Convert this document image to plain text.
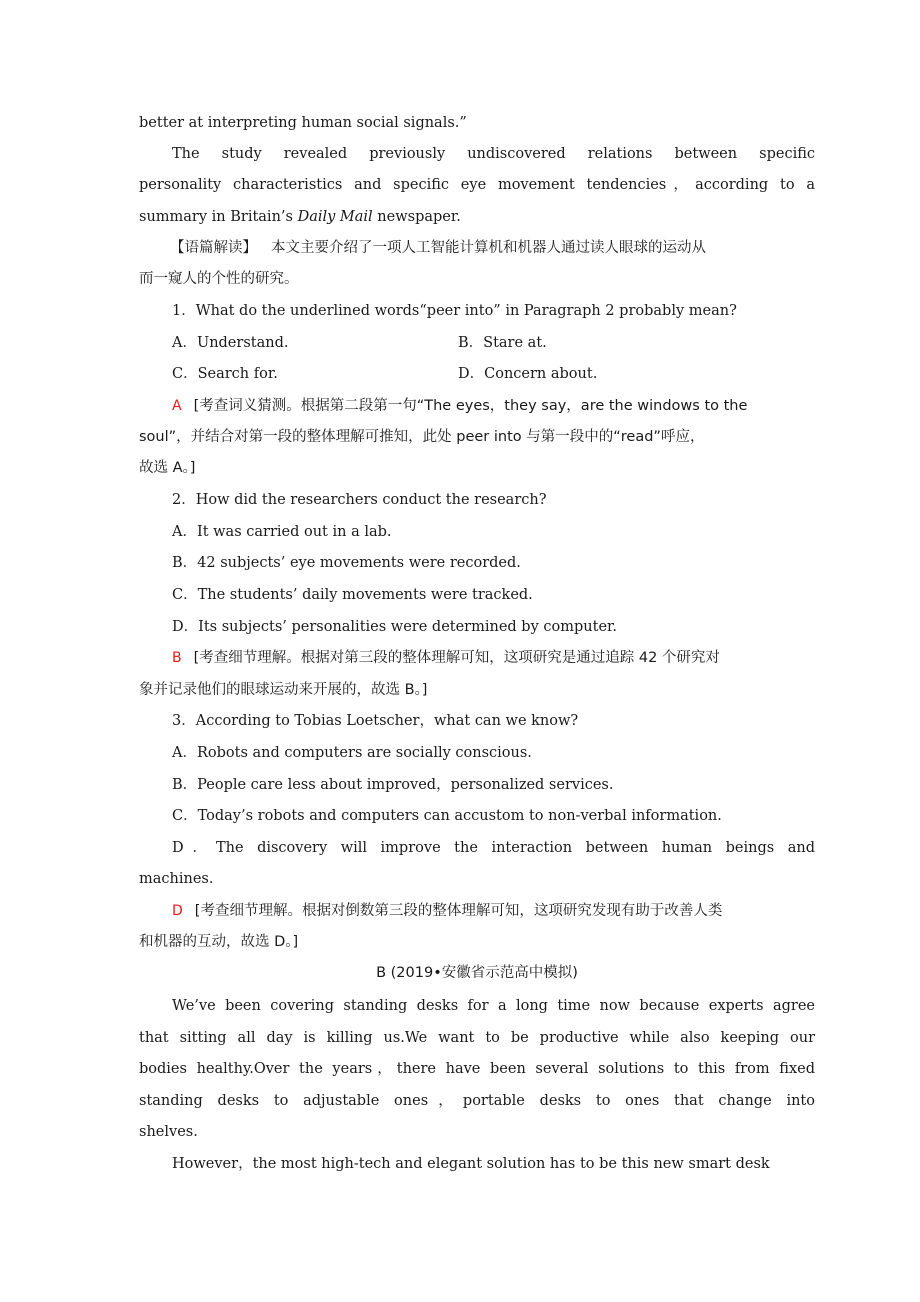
better at interpreting human social signals.”
The study revealed previously undiscovered relations between specific
personality characteristics and specific eye movement tendencies，according to a
summary in Britain’s Daily Mail newspaper.
【语篇解读】 本文主要介绍了一项人工智能计算机和机器人通过读人眼球的运动从
而一窥人的个性的研究。
1．What do the underlined words“peer into” in Paragraph 2 probably mean?
A．Understand.	B．Stare at.
C．Search for.	D．Concern about.
A [考查词义猜测。根据第二段第一句“The eyes，they say，are the windows to the
soul”，并结合对第一段的整体理解可推知，此处 peer into 与第一段中的“read”呼应，
故选 A。]
2．How did the researchers conduct the research?
A．It was carried out in a lab.
B．42 subjects’ eye movements were recorded.
C．The students’ daily movements were tracked.
D．Its subjects’ personalities were determined by computer.
B [考查细节理解。根据对第三段的整体理解可知，这项研究是通过追踪 42 个研究对
象并记录他们的眼球运动来开展的，故选 B。]
3．According to Tobias Loetscher，what can we know?
A．Robots and computers are socially conscious.
B．People care less about improved，personalized services.
C．Today’s robots and computers can accustom to non-verbal information.
D．The discovery will improve the interaction between human beings and
machines.
D [考查细节理解。根据对倒数第三段的整体理解可知，这项研究发现有助于改善人类
和机器的互动，故选 D。]
B (2019•安徽省示范高中模拟)
We’ve been covering standing desks for a long time now because experts agree
that sitting all day is killing us.We want to be productive while also keeping our
bodies healthy.Over the years，there have been several solutions to this from fixed
standing desks to adjustable ones，portable desks to ones that change into
shelves.
However，the most high-tech and elegant solution has to be this new smart desk
